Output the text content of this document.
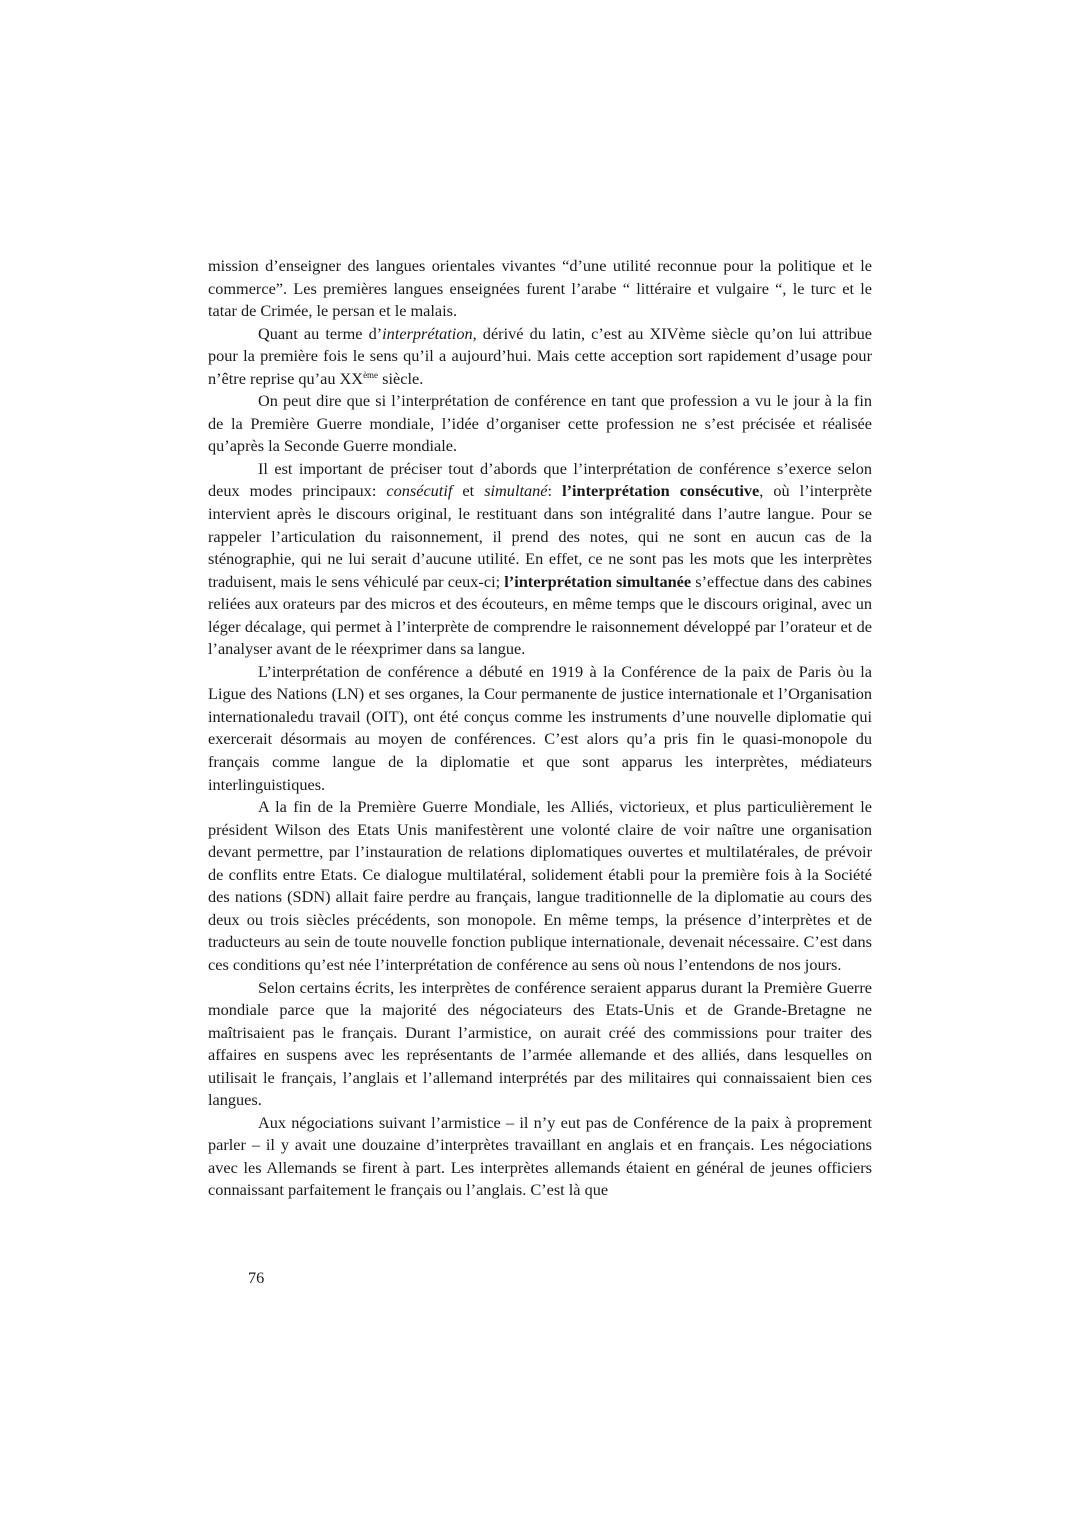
mission d’enseigner des langues orientales vivantes “d’une utilité reconnue pour la politique et le commerce”. Les premières langues enseignées furent l’arabe “ littéraire et vulgaire “, le turc et le tatar de Crimée, le persan et le malais.

Quant au terme d’interprétation, dérivé du latin, c’est au XIVème siècle qu’on lui attribue pour la première fois le sens qu’il a aujourd’hui. Mais cette acception sort rapidement d’usage pour n’être reprise qu’au XXème siècle.

On peut dire que si l’interprétation de conférence en tant que profession a vu le jour à la fin de la Première Guerre mondiale, l’idée d’organiser cette profession ne s’est précisée et réalisée qu’après la Seconde Guerre mondiale.

Il est important de préciser tout d’abords que l’interprétation de conférence s’exerce selon deux modes principaux: consécutif et simultané: l’interprétation consécutive, où l’interprète intervient après le discours original, le restituant dans son intégralité dans l’autre langue. Pour se rappeler l’articulation du raisonnement, il prend des notes, qui ne sont en aucun cas de la sténographie, qui ne lui serait d’aucune utilité. En effet, ce ne sont pas les mots que les interprètes traduisent, mais le sens véhiculé par ceux-ci; l’interprétation simultanée s’effectue dans des cabines reliées aux orateurs par des micros et des écouteurs, en même temps que le discours original, avec un léger décalage, qui permet à l’interprète de comprendre le raisonnement développé par l’orateur et de l’analyser avant de le réexprimer dans sa langue.

L’interprétation de conférence a débuté en 1919 à la Conférence de la paix de Paris òu la Ligue des Nations (LN) et ses organes, la Cour permanente de justice internationale et l’Organisation internationaledu travail (OIT), ont été conçus comme les instruments d’une nouvelle diplomatie qui exercerait désormais au moyen de conférences. C’est alors qu’a pris fin le quasi-monopole du français comme langue de la diplomatie et que sont apparus les interprètes, médiateurs interlinguistiques.

A la fin de la Première Guerre Mondiale, les Alliés, victorieux, et plus particulièrement le président Wilson des Etats Unis manifestèrent une volonté claire de voir naître une organisation devant permettre, par l’instauration de relations diplomatiques ouvertes et multilatérales, de prévoir de conflits entre Etats. Ce dialogue multilatéral, solidement établi pour la première fois à la Société des nations (SDN) allait faire perdre au français, langue traditionnelle de la diplomatie au cours des deux ou trois siècles précédents, son monopole. En même temps, la présence d’interprètes et de traducteurs au sein de toute nouvelle fonction publique internationale, devenait nécessaire. C’est dans ces conditions qu’est née l’interprétation de conférence au sens où nous l’entendons de nos jours.

Selon certains écrits, les interprètes de conférence seraient apparus durant la Première Guerre mondiale parce que la majorité des négociateurs des Etats-Unis et de Grande-Bretagne ne maîtrisaient pas le français. Durant l’armistice, on aurait créé des commissions pour traiter des affaires en suspens avec les représentants de l’armée allemande et des alliés, dans lesquelles on utilisait le français, l’anglais et l’allemand interprétés par des militaires qui connaissaient bien ces langues.

Aux négociations suivant l’armistice – il n’y eut pas de Conférence de la paix à proprement parler – il y avait une douzaine d’interprètes travaillant en anglais et en français. Les négociations avec les Allemands se firent à part. Les interprètes allemands étaient en général de jeunes officiers connaissant parfaitement le français ou l’anglais. C’est là que

76
